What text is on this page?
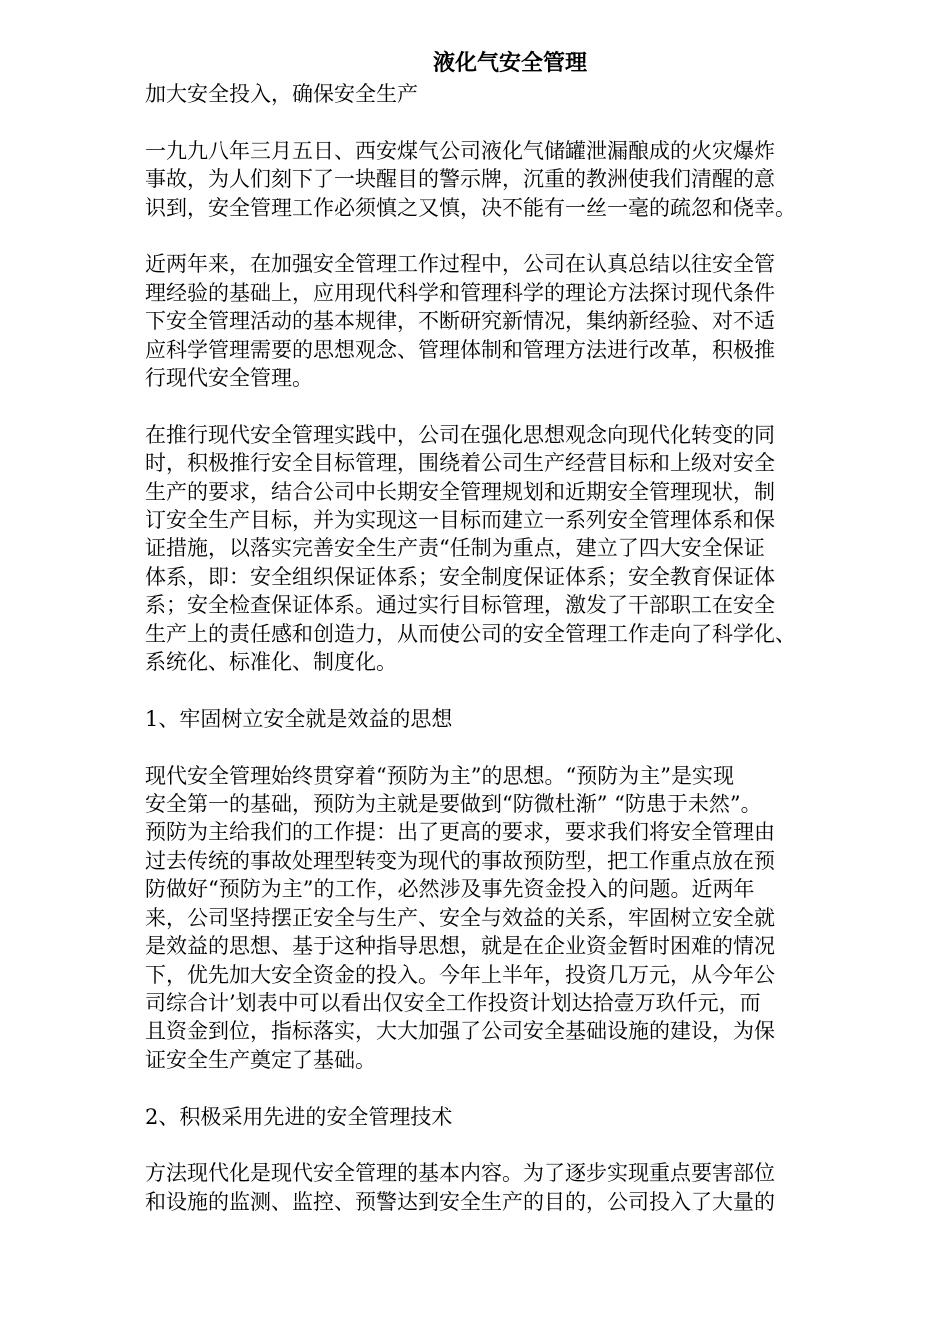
液化气安全管理

加大安全投入，确保安全生产

一九九八年三月五日、西安煤气公司液化气储罐泄漏酿成的火灾爆炸
事故，为人们刻下了一块醒目的警示牌，沉重的教洲使我们清醒的意
识到，安全管理工作必须慎之又慎，决不能有一丝一毫的疏忽和侥幸。

近两年来，在加强安全管理工作过程中，公司在认真总结以往安全管
理经验的基础上，应用现代科学和管理科学的理论方法探讨现代条件
下安全管理活动的基本规律，不断研究新情况，集纳新经验、对不适
应科学管理需要的思想观念、管理体制和管理方法进行改革，积极推
行现代安全管理。

在推行现代安全管理实践中，公司在强化思想观念向现代化转变的同
时，积极推行安全目标管理，围绕着公司生产经营目标和上级对安全
生产的要求，结合公司中长期安全管理规划和近期安全管理现状，制
订安全生产目标，并为实现这一目标而建立一系列安全管理体系和保
证措施，以落实完善安全生产责“任制为重点，建立了四大安全保证
体系，即：安全组织保证体系；安全制度保证体系；安全教育保证体
系；安全检查保证体系。通过实行目标管理，激发了干部职工在安全
生产上的责任感和创造力，从而使公司的安全管理工作走向了科学化、
系统化、标准化、制度化。

1、牢固树立安全就是效益的思想

现代安全管理始终贯穿着“预防为主”的思想。“预防为主”是实现
安全第一的基础，预防为主就是要做到“防微杜渐” “防患于未然”。
预防为主给我们的工作提：出了更高的要求，要求我们将安全管理由
过去传统的事故处理型转变为现代的事故预防型，把工作重点放在预
防做好“预防为主”的工作，必然涉及事先资金投入的问题。近两年
来，公司坚持摆正安全与生产、安全与效益的关系，牢固树立安全就
是效益的思想、基于这种指导思想，就是在企业资金暂时困难的情况
下，优先加大安全资金的投入。今年上半年，投资几万元，从今年公
司综合计’划表中可以看出仅安全工作投资计划达拾壹万玖仟元，而
且资金到位，指标落实，大大加强了公司安全基础设施的建设，为保
证安全生产奠定了基础。

2、积极采用先进的安全管理技术

方法现代化是现代安全管理的基本内容。为了逐步实现重点要害部位
和设施的监测、监控、预警达到安全生产的目的，公司投入了大量的
